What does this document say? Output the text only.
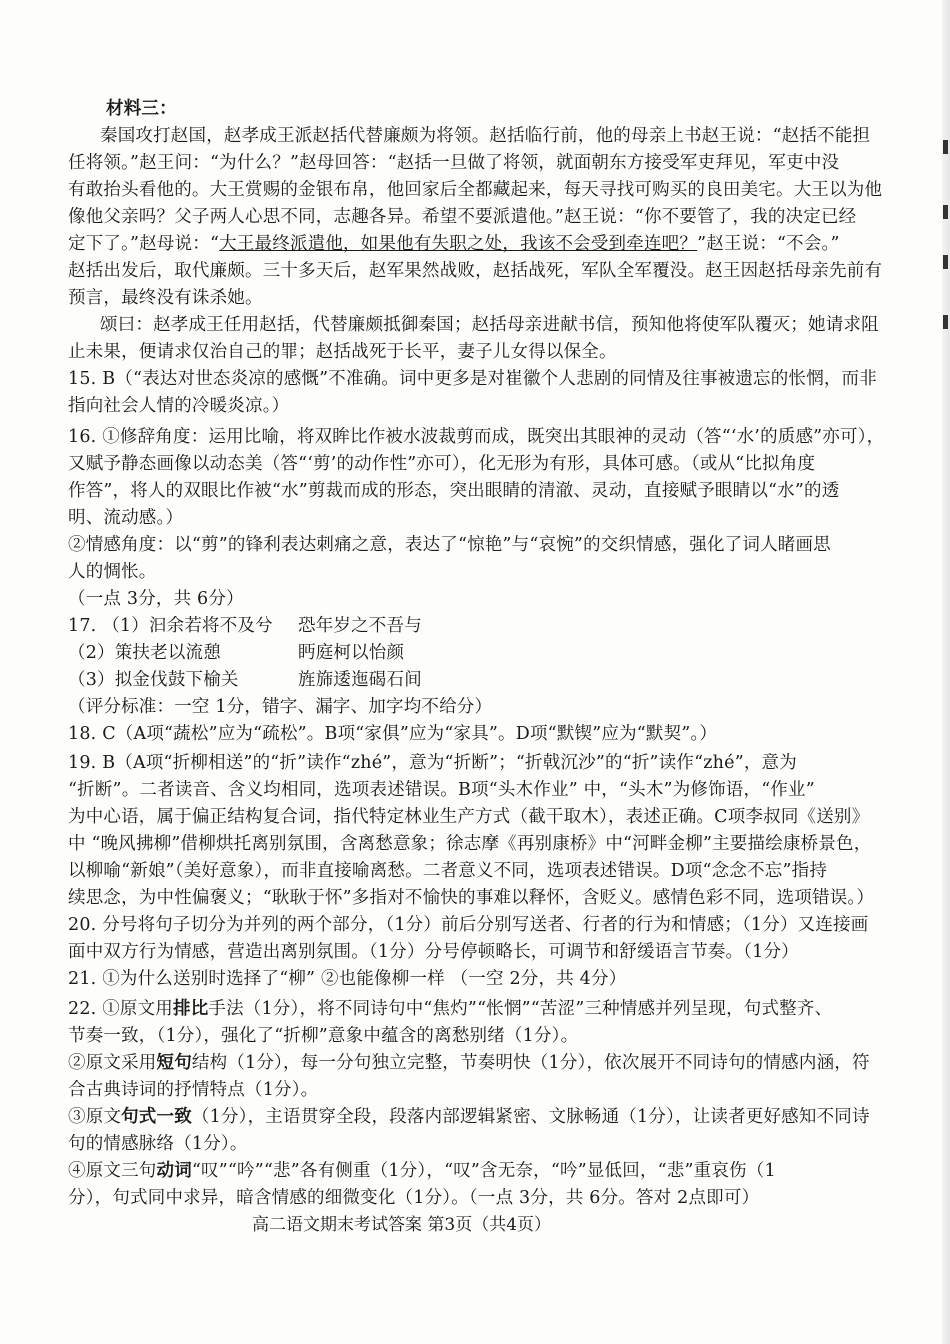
材料三：
秦国攻打赵国，赵孝成王派赵括代替廉颇为将领。赵括临行前，他的母亲上书赵王说：“赵括不能担
任将领。”赵王问：“为什么？”赵母回答：“赵括一旦做了将领，就面朝东方接受军吏拜见，军吏中没
有敢抬头看他的。大王赏赐的金银布帛，他回家后全都藏起来，每天寻找可购买的良田美宅。大王以为他
像他父亲吗？父子两人心思不同，志趣各异。希望不要派遣他。”赵王说：“你不要管了，我的决定已经
定下了。”赵母说：“大王最终派遣他，如果他有失职之处，我该不会受到牵连吧？”赵王说：“不会。”
赵括出发后，取代廉颇。三十多天后，赵军果然战败，赵括战死，军队全军覆没。赵王因赵括母亲先前有
预言，最终没有诛杀她。
颂曰：赵孝成王任用赵括，代替廉颇抵御秦国；赵括母亲进献书信，预知他将使军队覆灭；她请求阻
止未果，便请求仅治自己的罪；赵括战死于长平，妻子儿女得以保全。
15. B（“表达对世态炎凉的感慨”不准确。词中更多是对崔徽个人悲剧的同情及往事被遗忘的怅惘，而非
指向社会人情的冷暖炎凉。）
16. ①修辞角度：运用比喻，将双眸比作被水波裁剪而成，既突出其眼神的灵动（答“‘水’的质感”亦可），
又赋予静态画像以动态美（答“‘剪’的动作性”亦可），化无形为有形，具体可感。（或从“比拟角度
作答”，将人的双眼比作被“水”剪裁而成的形态，突出眼睛的清澈、灵动，直接赋予眼睛以“水”的透
明、流动感。）
②情感角度：以“剪”的锋利表达刺痛之意，表达了“惊艳”与“哀惋”的交织情感，强化了词人睹画思
人的惆怅。
（一点 3分，共 6分）
17. （1）汩余若将不及兮 恐年岁之不吾与
（2）策扶老以流憩	眄庭柯以怡颜
（3）拟金伐鼓下榆关	旌旆逶迤碣石间
（评分标准：一空 1分，错字、漏字、加字均不给分）
18. C（A项“蔬松”应为“疏松”。B项“家俱”应为“家具”。D项“默锲”应为“默契”。）
19. B（A项“折柳相送”的“折”读作“zhé”，意为“折断”；“折戟沉沙”的“折”读作“zhé”，意为
“折断”。二者读音、含义均相同，选项表述错误。B项“头木作业” 中，“头木”为修饰语，“作业”
为中心语，属于偏正结构复合词，指代特定林业生产方式（截干取木），表述正确。C项李叔同《送别》
中 “晚风拂柳”借柳烘托离别氛围，含离愁意象；徐志摩《再别康桥》中“河畔金柳”主要描绘康桥景色，
以柳喻“新娘”（美好意象），而非直接喻离愁。二者意义不同，选项表述错误。D项“念念不忘”指持
续思念，为中性偏褒义；“耿耿于怀”多指对不愉快的事难以释怀，含贬义。感情色彩不同，选项错误。）
20. 分号将句子切分为并列的两个部分，（1分）前后分别写送者、行者的行为和情感；（1分）又连接画
面中双方行为情感，营造出离别氛围。（1分）分号停顿略长，可调节和舒缓语言节奏。（1分）
21. ①为什么送别时选择了“柳” ②也能像柳一样 （一空 2分，共 4分）
22. ①原文用排比手法（1分），将不同诗句中“焦灼”“怅惘”“苦涩”三种情感并列呈现，句式整齐、
节奏一致，（1分），强化了“折柳”意象中蕴含的离愁别绪（1分）。
②原文采用短句结构（1分），每一分句独立完整，节奏明快（1分），依次展开不同诗句的情感内涵，符
合古典诗词的抒情特点（1分）。
③原文句式一致（1分），主语贯穿全段，段落内部逻辑紧密、文脉畅通（1分），让读者更好感知不同诗
句的情感脉络（1分）。
④原文三句动词“叹”“吟”“悲”各有侧重（1分），“叹”含无奈，“吟”显低回，“悲”重哀伤（1
分），句式同中求异，暗含情感的细微变化（1分）。（一点 3分，共 6分。答对 2点即可）
高二语文期末考试答案 第3页（共4页）
